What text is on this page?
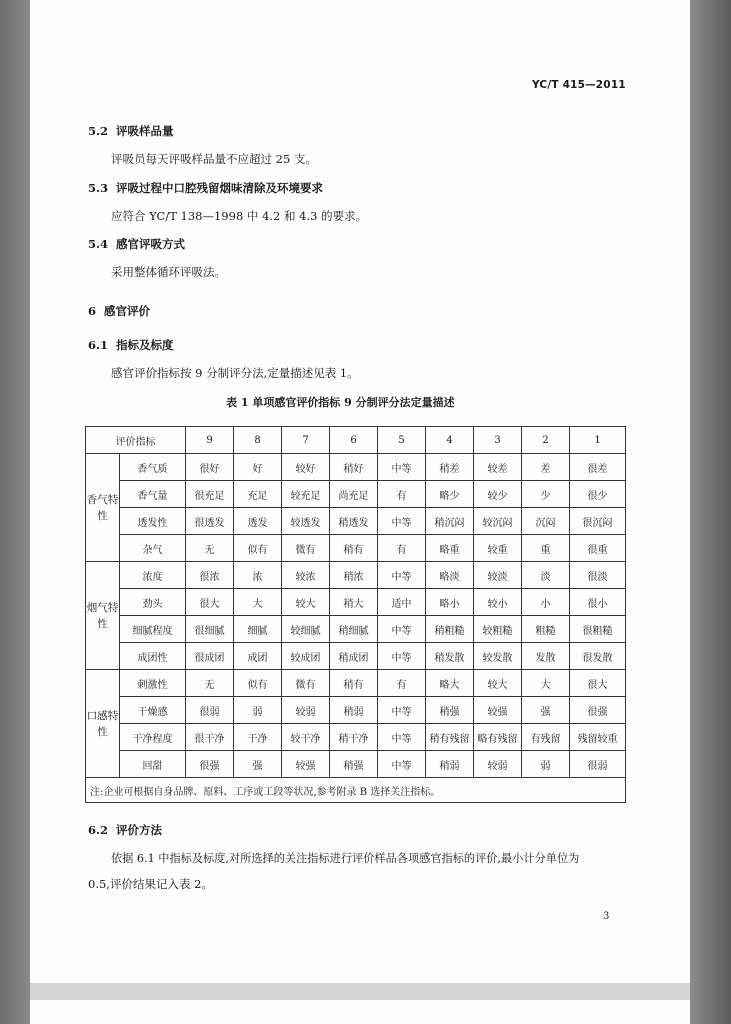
YC/T 415—2011
5.2 评吸样品量
评吸员每天评吸样品量不应超过 25 支。
5.3 评吸过程中口腔残留烟味清除及环境要求
应符合 YC/T 138—1998 中 4.2 和 4.3 的要求。
5.4 感官评吸方式
采用整体循环评吸法。
6 感官评价
6.1 指标及标度
感官评价指标按 9 分制评分法,定量描述见表 1。
表 1 单项感官评价指标 9 分制评分法定量描述
评价指标		9	8	7	6	5	4	3	2	1
香气特性	香气质	很好	好	较好	稍好	中等	稍差	较差	差	很差
	香气量	很充足	充足	较充足	尚充足	有	略少	较少	少	很少
	透发性	很透发	透发	较透发	稍透发	中等	稍沉闷	较沉闷	沉闷	很沉闷
	杂气	无	似有	微有	稍有	有	略重	较重	重	很重
烟气特性	浓度	很浓	浓	较浓	稍浓	中等	略淡	较淡	淡	很淡
	劲头	很大	大	较大	稍大	适中	略小	较小	小	很小
	细腻程度	很细腻	细腻	较细腻	稍细腻	中等	稍粗糙	较粗糙	粗糙	很粗糙
	成团性	很成团	成团	较成团	稍成团	中等	稍发散	较发散	发散	很发散
口感特性	刺激性	无	似有	微有	稍有	有	略大	较大	大	很大
	干燥感	很弱	弱	较弱	稍弱	中等	稍强	较强	强	很强
	干净程度	很干净	干净	较干净	稍干净	中等	稍有残留	略有残留	有残留	残留较重
	回甜	很强	强	较强	稍强	中等	稍弱	较弱	弱	很弱
注:企业可根据自身品牌、原料、工序或工段等状况,参考附录 B 选择关注指标。										
6.2 评价方法
依据 6.1 中指标及标度,对所选择的关注指标进行评价样品各项感官指标的评价,最小计分单位为
0.5,评价结果记入表 2。
3
